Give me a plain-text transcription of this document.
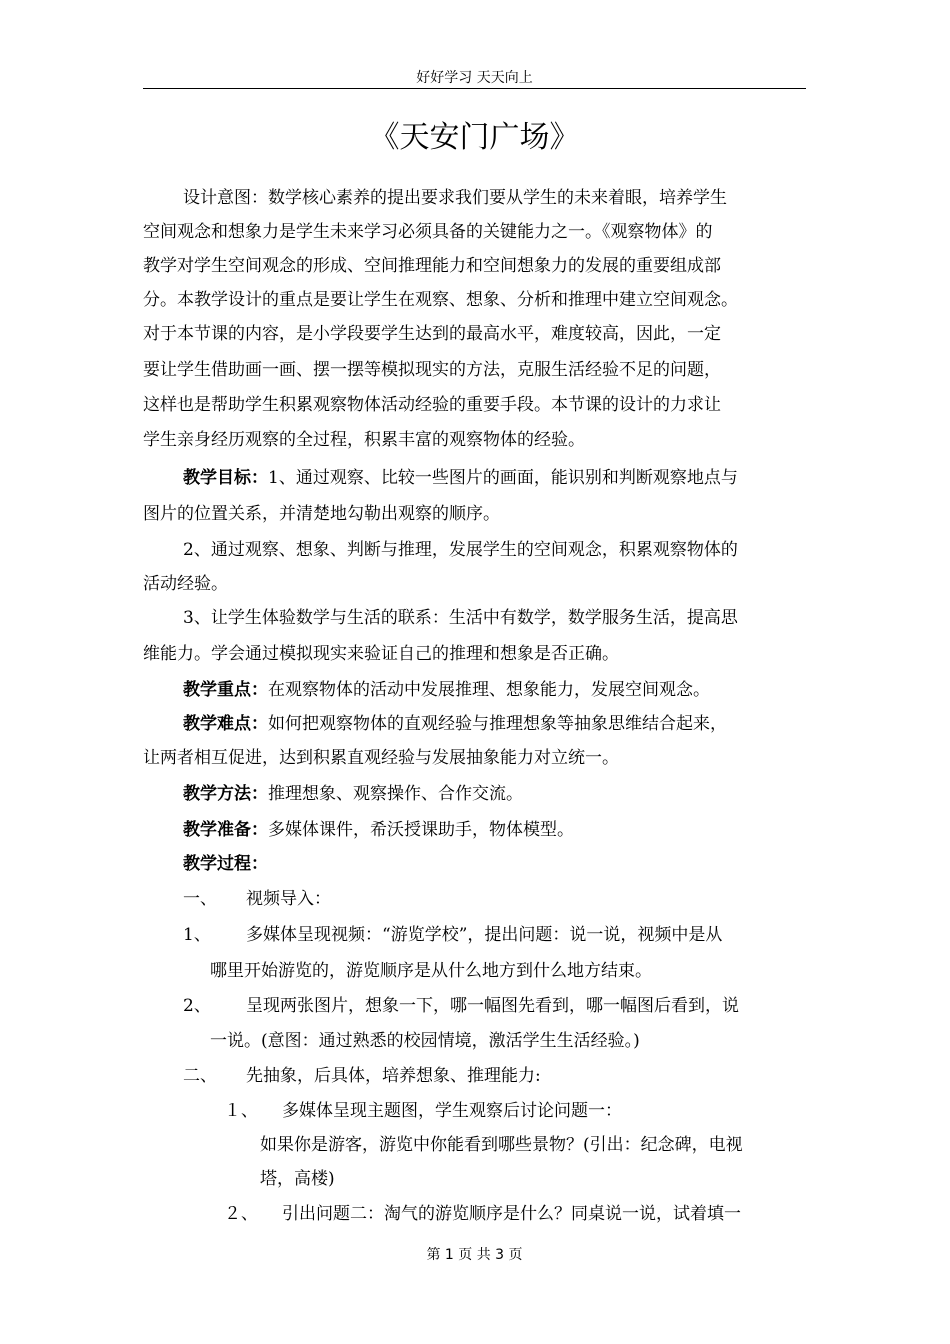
好好学习 天天向上
《天安门广场》
设计意图：数学核心素养的提出要求我们要从学生的未来着眼，培养学生
空间观念和想象力是学生未来学习必须具备的关键能力之一。《观察物体》的
教学对学生空间观念的形成、空间推理能力和空间想象力的发展的重要组成部
分。本教学设计的重点是要让学生在观察、想象、分析和推理中建立空间观念。
对于本节课的内容，是小学段要学生达到的最高水平，难度较高，因此，一定
要让学生借助画一画、摆一摆等模拟现实的方法，克服生活经验不足的问题，
这样也是帮助学生积累观察物体活动经验的重要手段。本节课的设计的力求让
学生亲身经历观察的全过程，积累丰富的观察物体的经验。
教学目标：1、通过观察、比较一些图片的画面，能识别和判断观察地点与
图片的位置关系，并清楚地勾勒出观察的顺序。
2、通过观察、想象、判断与推理，发展学生的空间观念，积累观察物体的
活动经验。
3、让学生体验数学与生活的联系：生活中有数学，数学服务生活，提高思
维能力。学会通过模拟现实来验证自己的推理和想象是否正确。
教学重点：在观察物体的活动中发展推理、想象能力，发展空间观念。
教学难点：如何把观察物体的直观经验与推理想象等抽象思维结合起来，
让两者相互促进，达到积累直观经验与发展抽象能力对立统一。
教学方法：推理想象、观察操作、合作交流。
教学准备：多媒体课件，希沃授课助手，物体模型。
教学过程：
一、 视频导入：
1、 多媒体呈现视频：“游览学校”，提出问题：说一说，视频中是从
哪里开始游览的，游览顺序是从什么地方到什么地方结束。
2、 呈现两张图片，想象一下，哪一幅图先看到，哪一幅图后看到，说
一说。(意图：通过熟悉的校园情境，激活学生生活经验。)
二、 先抽象，后具体，培养想象、推理能力:
１、 多媒体呈现主题图，学生观察后讨论问题一：
如果你是游客，游览中你能看到哪些景物？(引出：纪念碑，电视
塔，高楼)
２、 引出问题二：淘气的游览顺序是什么？同桌说一说，试着填一
第 1 页 共 3 页
